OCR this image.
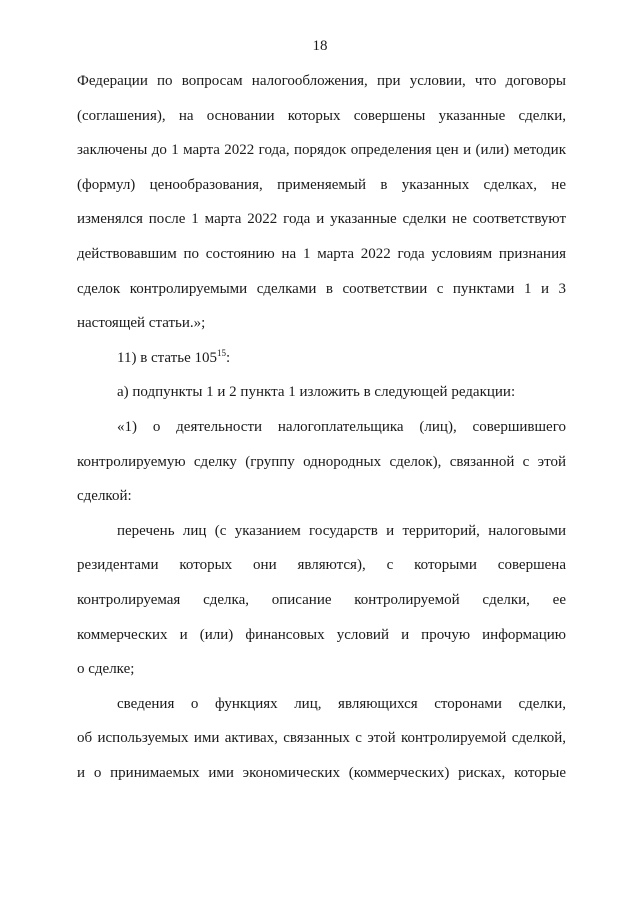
18
Федерации по вопросам налогообложения, при условии, что договоры
(соглашения), на основании которых совершены указанные сделки,
заключены до 1 марта 2022 года, порядок определения цен и (или) методик
(формул) ценообразования, применяемый в указанных сделках, не
изменялся после 1 марта 2022 года и указанные сделки не соответствуют
действовавшим по состоянию на 1 марта 2022 года условиям признания
сделок контролируемыми сделками в соответствии с пунктами 1 и 3
настоящей статьи.»;
11) в статье $105^{15}$:
а) подпункты 1 и 2 пункта 1 изложить в следующей редакции:
«1) о деятельности налогоплательщика (лиц), совершившего
контролируемую сделку (группу однородных сделок), связанной с этой
сделкой:
перечень лиц (с указанием государств и территорий, налоговыми
резидентами которых они являются), с которыми совершена
контролируемая сделка, описание контролируемой сделки, ее
коммерческих и (или) финансовых условий и прочую информацию
о сделке;
сведения о функциях лиц, являющихся сторонами сделки,
об используемых ими активах, связанных с этой контролируемой сделкой,
и о принимаемых ими экономических (коммерческих) рисках, которые
